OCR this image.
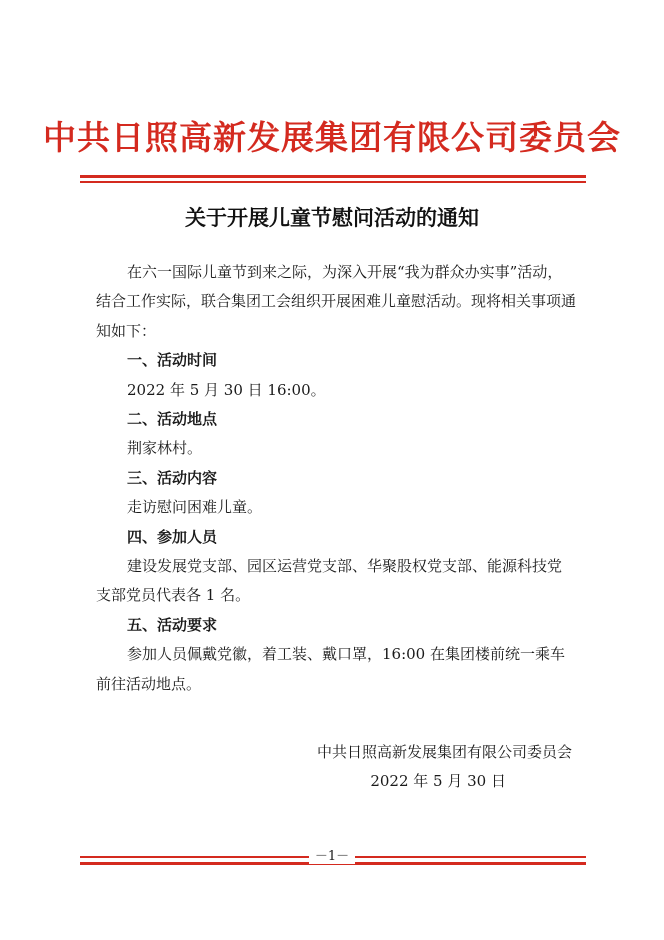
中共日照高新发展集团有限公司委员会
关于开展儿童节慰问活动的通知

在六一国际儿童节到来之际，为深入开展“我为群众办实事”活动，结合工作实际，联合集团工会组织开展困难儿童慰活动。现将相关事项通知如下：

一、活动时间

2022 年 5 月 30 日 16:00。

二、活动地点

荆家林村。

三、活动内容

走访慰问困难儿童。

四、参加人员

建设发展党支部、园区运营党支部、华聚股权党支部、能源科技党支部党员代表各 1 名。

五、活动要求

参加人员佩戴党徽，着工装、戴口罩，16:00 在集团楼前统一乘车前往活动地点。

中共日照高新发展集团有限公司委员会
2022 年 5 月 30 日
－1－
